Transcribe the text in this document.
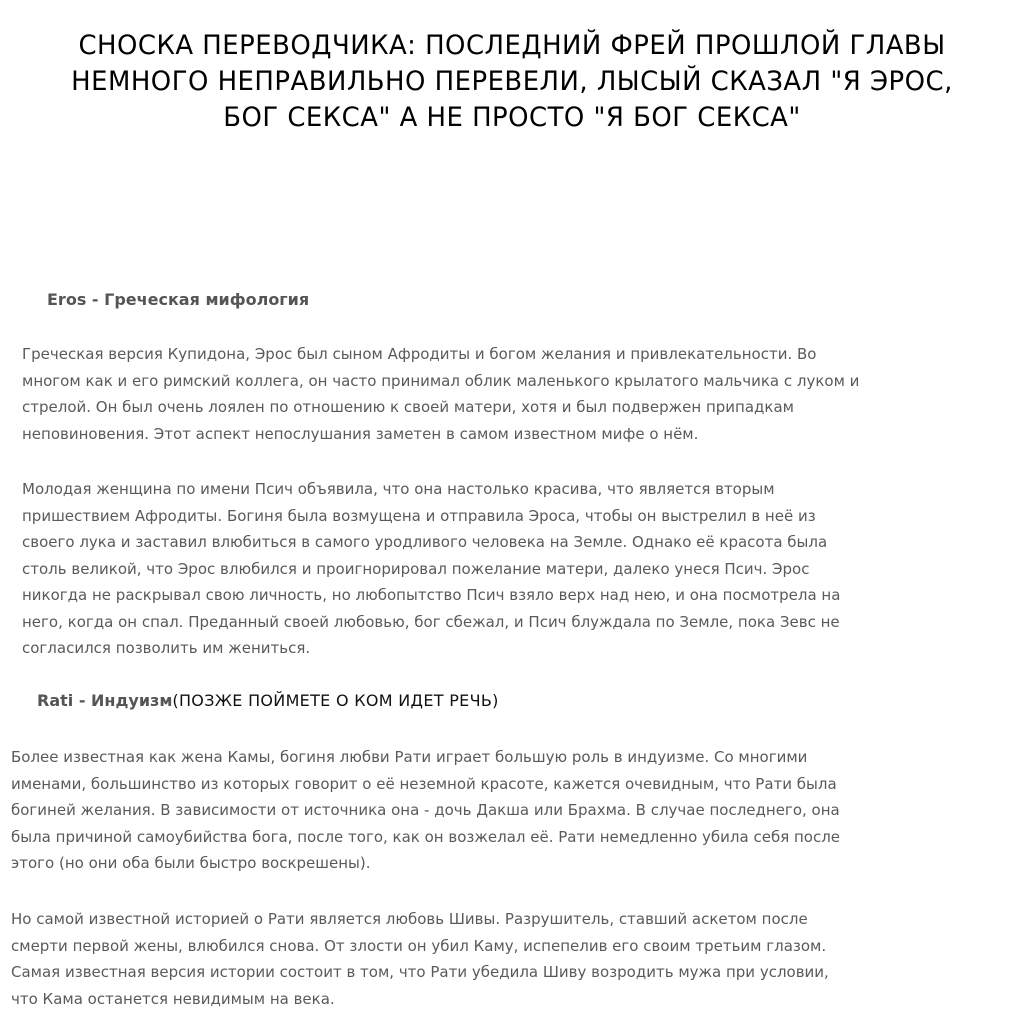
СНОСКА ПЕРЕВОДЧИКА: ПОСЛЕДНИЙ ФРЕЙ ПРОШЛОЙ ГЛАВЫ
НЕМНОГО НЕПРАВИЛЬНО ПЕРЕВЕЛИ, ЛЫСЫЙ СКАЗАЛ "Я ЭРОС,
БОГ СЕКСА" А НЕ ПРОСТО "Я БОГ СЕКСА"
Eros - Греческая мифология
Греческая версия Купидона, Эрос был сыном Афродиты и богом желания и привлекательности. Во
многом как и его римский коллега, он часто принимал облик маленького крылатого мальчика с луком и
стрелой. Он был очень лоялен по отношению к своей матери, хотя и был подвержен припадкам
неповиновения. Этот аспект непослушания заметен в самом известном мифе о нём.
Молодая женщина по имени Псич объявила, что она настолько красива, что является вторым
пришествием Афродиты. Богиня была возмущена и отправила Эроса, чтобы он выстрелил в неё из
своего лука и заставил влюбиться в самого уродливого человека на Земле. Однако её красота была
столь великой, что Эрос влюбился и проигнорировал пожелание матери, далеко унеся Псич. Эрос
никогда не раскрывал свою личность, но любопытство Псич взяло верх над нею, и она посмотрела на
него, когда он спал. Преданный своей любовью, бог сбежал, и Псич блуждала по Земле, пока Зевс не
согласился позволить им жениться.
Rati - Индуизм(ПОЗЖЕ ПОЙМЕТЕ О КОМ ИДЕТ РЕЧЬ)
Более известная как жена Камы, богиня любви Рати играет большую роль в индуизме. Со многими
именами, большинство из которых говорит о её неземной красоте, кажется очевидным, что Рати была
богиней желания. В зависимости от источника она - дочь Дакша или Брахма. В случае последнего, она
была причиной самоубийства бога, после того, как он возжелал её. Рати немедленно убила себя после
этого (но они оба были быстро воскрешены).
Но самой известной историей о Рати является любовь Шивы. Разрушитель, ставший аскетом после
смерти первой жены, влюбился снова. От злости он убил Каму, испепелив его своим третьим глазом.
Самая известная версия истории состоит в том, что Рати убедила Шиву возродить мужа при условии,
что Кама останется невидимым на века.
